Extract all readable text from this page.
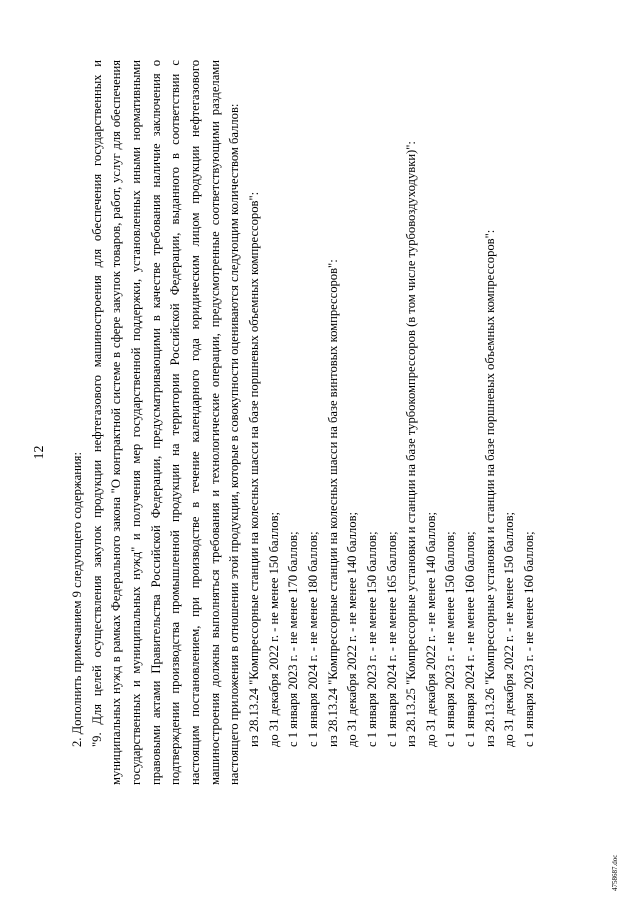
12 2. Дополнить примечанием 9 следующего содержания: "9. Для целей осуществления закупок продукции нефтегазового машиностроения для обеспечения государственных и муниципальных нужд в рамках Федерального закона "О контрактной системе в сфере закупок товаров, работ, услуг для обеспечения государственных и муниципальных нужд" и получения мер государственной поддержки, установленных иными нормативными правовыми актами Правительства Российской Федерации, предусматривающими в качестве требования наличие заключения о подтверждении производства промышленной продукции на территории Российской Федерации, выданного в соответствии с настоящим постановлением, при производстве в течение календарного года юридическим лицом продукции нефтегазового машиностроения должны выполняться требования и технологические операции, предусмотренные соответствующими разделами настоящего приложения в отношении этой продукции, которые в совокупности оцениваются следующим количеством баллов: из 28.13.24 "Компрессорные станции на колесных шасси на базе поршневых объемных компрессоров": до 31 декабря 2022 г. - не менее 150 баллов; с 1 января 2023 г. - не менее 170 баллов; с 1 января 2024 г. - не менее 180 баллов; из 28.13.24 "Компрессорные станции на колесных шасси на базе винтовых компрессоров": до 31 декабря 2022 г. - не менее 140 баллов; с 1 января 2023 г. - не менее 150 баллов; с 1 января 2024 г. - не менее 165 баллов; из 28.13.25 "Компрессорные установки и станции на базе турбокомпрессоров (в том числе турбовоздуходувки)": до 31 декабря 2022 г. - не менее 140 баллов; с 1 января 2023 г. - не менее 150 баллов; с 1 января 2024 г. - не менее 160 баллов; из 28.13.26 "Компрессорные установки и станции на базе поршневых объемных компрессоров": до 31 декабря 2022 г. - не менее 150 баллов; с 1 января 2023 г. - не менее 160 баллов;

4758687.doc
